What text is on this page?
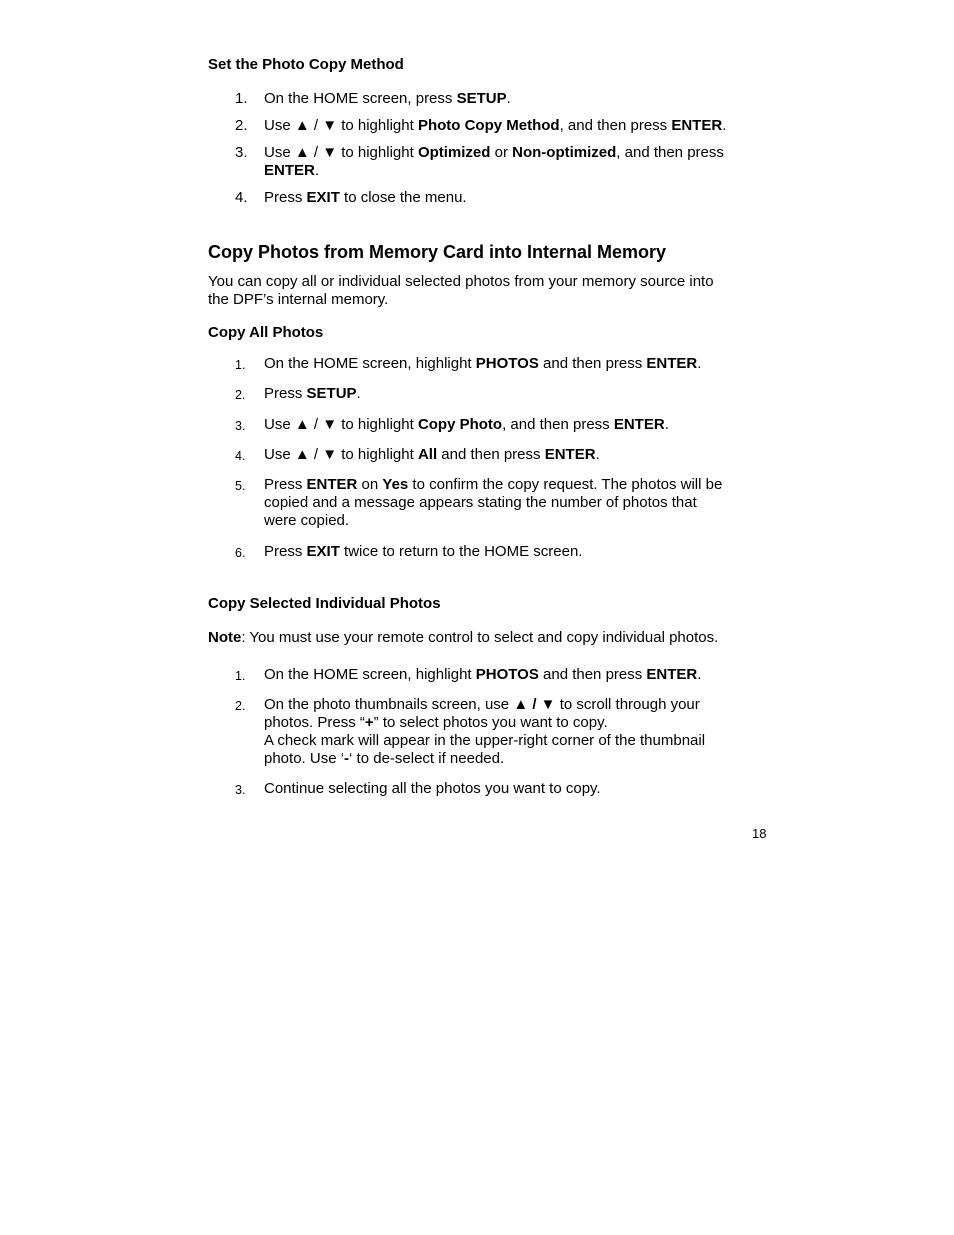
Set the Photo Copy Method
1.	On the HOME screen, press SETUP.
2.	Use ▲ / ▼ to highlight Photo Copy Method, and then press ENTER.
3.	Use ▲ / ▼ to highlight Optimized or Non-optimized, and then press
ENTER.
4.	Press EXIT to close the menu.
Copy Photos from Memory Card into Internal Memory
You can copy all or individual selected photos from your memory source into
the DPF’s internal memory.
Copy All Photos
1.	On the HOME screen, highlight PHOTOS and then press ENTER.
2.	Press SETUP.
3.	Use ▲ / ▼ to highlight Copy Photo, and then press ENTER.
4.	Use ▲ / ▼ to highlight All and then press ENTER.
5.	Press ENTER on Yes to confirm the copy request. The photos will be
copied and a message appears stating the number of photos that
were copied.
6.	Press EXIT twice to return to the HOME screen.
Copy Selected Individual Photos
Note: You must use your remote control to select and copy individual photos.
1.	On the HOME screen, highlight PHOTOS and then press ENTER.
2.	On the photo thumbnails screen, use ▲ / ▼ to scroll through your
photos. Press “+” to select photos you want to copy.
A check mark will appear in the upper-right corner of the thumbnail
photo. Use ‘-‘ to de-select if needed.
3.	Continue selecting all the photos you want to copy.
18
